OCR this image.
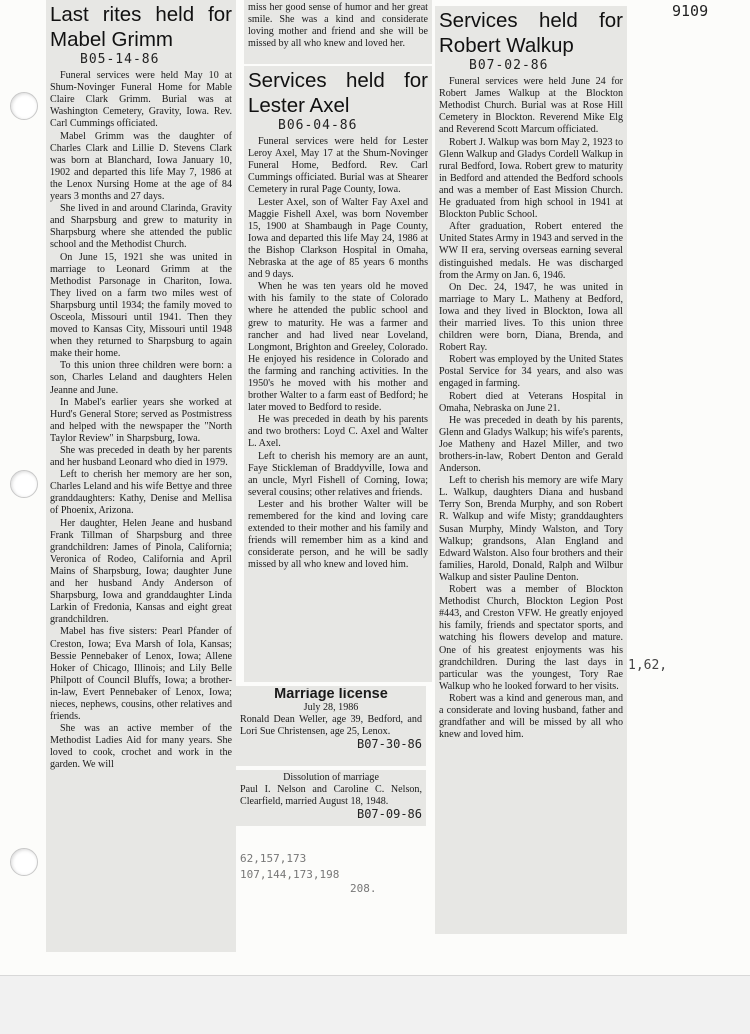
9109
Last rites held for Mabel Grimm
B05-14-86

Funeral services were held May 10 at Shum-Novinger Funeral Home for Mable Claire Clark Grimm. Burial was at Washington Cemetery, Gravity, Iowa. Rev. Carl Cummings officiated.

Mabel Grimm was the daughter of Charles Clark and Lillie D. Stevens Clark was born at Blanchard, Iowa January 10, 1902 and departed this life May 7, 1986 at the Lenox Nursing Home at the age of 84 years 3 months and 27 days.

She lived in and around Clarinda, Gravity and Sharpsburg and grew to maturity in Sharpsburg where she attended the public school and the Methodist Church.

On June 15, 1921 she was united in marriage to Leonard Grimm at the Methodist Parsonage in Chariton, Iowa. They lived on a farm two miles west of Sharpsburg until 1934; the family moved to Osceola, Missouri until 1941. Then they moved to Kansas City, Missouri until 1948 when they returned to Sharpsburg to again make their home.

To this union three children were born: a son, Charles Leland and daughters Helen Jeanne and June.

In Mabel's earlier years she worked at Hurd's General Store; served as Postmistress and helped with the newspaper the "North Taylor Review" in Sharpsburg, Iowa.

She was preceded in death by her parents and her husband Leonard who died in 1979.

Left to cherish her memory are her son, Charles Leland and his wife Bettye and three granddaughters: Kathy, Denise and Mellisa of Phoenix, Arizona.

Her daughter, Helen Jeane and husband Frank Tillman of Sharpsburg and three grandchildren: James of Pinola, California; Veronica of Rodeo, California and April Mains of Sharpsburg, Iowa; daughter June and her husband Andy Anderson of Sharpsburg, Iowa and granddaughter Linda Larkin of Fredonia, Kansas and eight great grandchildren.

Mabel has five sisters: Pearl Pfander of Creston, Iowa; Eva Marsh of Iola, Kansas; Bessie Pennebaker of Lenox, Iowa; Allene Hoker of Chicago, Illinois; and Lily Belle Philpott of Council Bluffs, Iowa; a brother-in-law, Evert Pennebaker of Lenox, Iowa; nieces, nephews, cousins, other relatives and friends.

She was an active member of the Methodist Ladies Aid for many years. She loved to cook, crochet and work in the garden. We will

miss her good sense of humor and her great smile. She was a kind and considerate loving mother and friend and she will be missed by all who knew and loved her.

Services held for Lester Axel
B06-04-86

Funeral services were held for Lester Leroy Axel, May 17 at the Shum-Novinger Funeral Home, Bedford. Rev. Carl Cummings officiated. Burial was at Shearer Cemetery in rural Page County, Iowa.

Lester Axel, son of Walter Fay Axel and Maggie Fishell Axel, was born November 15, 1900 at Shambaugh in Page County, Iowa and departed this life May 24, 1986 at the Bishop Clarkson Hospital in Omaha, Nebraska at the age of 85 years 6 months and 9 days.

When he was ten years old he moved with his family to the state of Colorado where he attended the public school and grew to maturity. He was a farmer and rancher and had lived near Loveland, Longmont, Brighton and Greeley, Colorado. He enjoyed his residence in Colorado and the farming and ranching activities. In the 1950's he moved with his mother and brother Walter to a farm east of Bedford; he later moved to Bedford to reside.

He was preceded in death by his parents and two brothers: Loyd C. Axel and Walter L. Axel.

Left to cherish his memory are an aunt, Faye Stickleman of Braddyville, Iowa and an uncle, Myrl Fishell of Corning, Iowa; several cousins; other relatives and friends.

Lester and his brother Walter will be remembered for the kind and loving care extended to their mother and his family and friends will remember him as a kind and considerate person, and he will be sadly missed by all who knew and loved him.

Marriage license
July 28, 1986
Ronald Dean Weller, age 39, Bedford, and Lori Sue Christensen, age 25, Lenox.
B07-30-86
Dissolution of marriage
Paul I. Nelson and Caroline C. Nelson, Clearfield, married August 18, 1948.
B07-09-86
Services held for Robert Walkup
B07-02-86

Funeral services were held June 24 for Robert James Walkup at the Blockton Methodist Church. Burial was at Rose Hill Cemetery in Blockton. Reverend Mike Elg and Reverend Scott Marcum officiated.

Robert J. Walkup was born May 2, 1923 to Glenn Walkup and Gladys Cordell Walkup in rural Bedford, Iowa. Robert grew to maturity in Bedford and attended the Bedford schools and was a member of East Mission Church. He graduated from high school in 1941 at Blockton Public School.

After graduation, Robert entered the United States Army in 1943 and served in the WW II era, serving overseas earning several distinguished medals. He was discharged from the Army on Jan. 6, 1946.

On Dec. 24, 1947, he was united in marriage to Mary L. Matheny at Bedford, Iowa and they lived in Blockton, Iowa all their married lives. To this union three children were born, Diana, Brenda, and Robert Ray.

Robert was employed by the United States Postal Service for 34 years, and also was engaged in farming.

Robert died at Veterans Hospital in Omaha, Nebraska on June 21.

He was preceded in death by his parents, Glenn and Gladys Walkup; his wife's parents, Joe Matheny and Hazel Miller, and two brothers-in-law, Robert Denton and Gerald Anderson.

Left to cherish his memory are wife Mary L. Walkup, daughters Diana and husband Terry Son, Brenda Murphy, and son Robert R. Walkup and wife Misty; granddaughters Susan Murphy, Mindy Walston, and Tory Walkup; grandsons, Alan England and Edward Walston. Also four brothers and their families, Harold, Donald, Ralph and Wilbur Walkup and sister Pauline Denton.

Robert was a member of Blockton Methodist Church, Blockton Legion Post #443, and Creston VFW. He greatly enjoyed his family, friends and spectator sports, and watching his flowers develop and mature. One of his greatest enjoyments was his grandchildren. During the last days in particular was the youngest, Tory Rae Walkup who he looked forward to her visits.

Robert was a kind and generous man, and a considerate and loving husband, father and grandfather and will be missed by all who knew and loved him.

1,62,
62,157,173
107,144,173,198
208.
